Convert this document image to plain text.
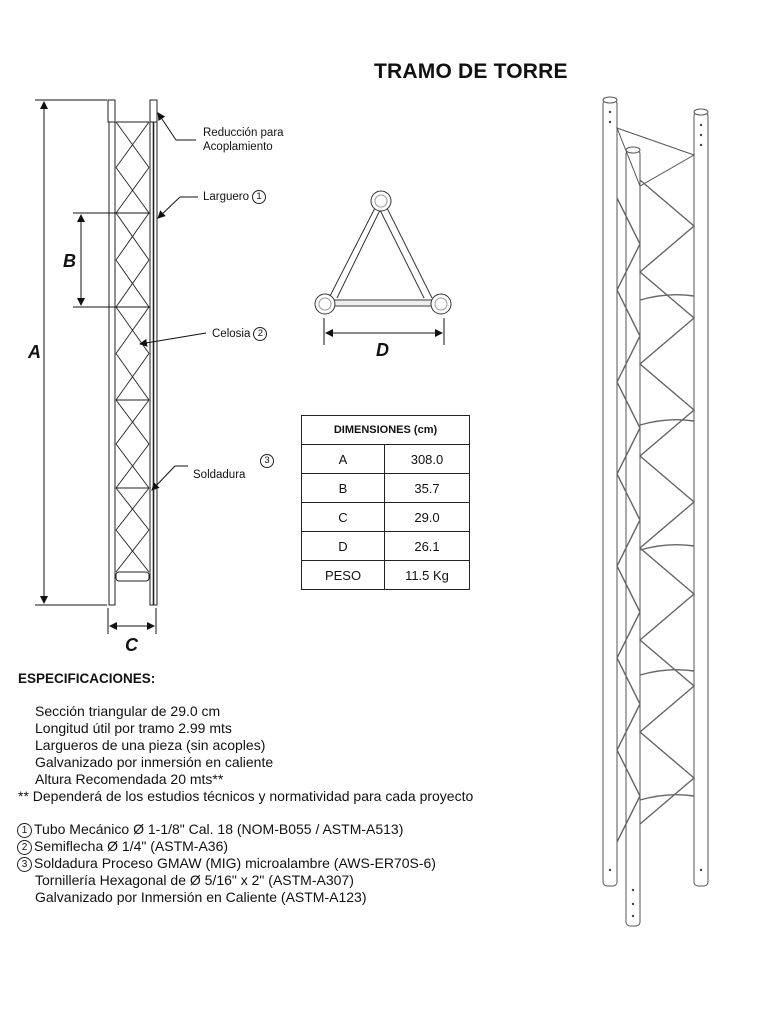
TRAMO DE TORRE
Reducción para
Acoplamiento
Larguero 1
Celosia 2
3
Soldadura
A
B
C
D
DIMENSIONES (cm)	
A	308.0
B	35.7
C	29.0
D	26.1
PESO	11.5 Kg
ESPECIFICACIONES:
Sección triangular de 29.0 cm
Longitud útil por tramo 2.99 mts
Largueros de una pieza (sin acoples)
Galvanizado por inmersión en caliente
Altura Recomendada 20 mts**
** Dependerá de los estudios técnicos y normatividad para cada proyecto
1 Tubo Mecánico Ø 1-1/8" Cal. 18 (NOM-B055 / ASTM-A513)
2 Semiflecha Ø 1/4" (ASTM-A36)
3 Soldadura Proceso GMAW (MIG) microalambre (AWS-ER70S-6)
Tornillería Hexagonal de Ø 5/16" x 2" (ASTM-A307)
Galvanizado por Inmersión en Caliente (ASTM-A123)
